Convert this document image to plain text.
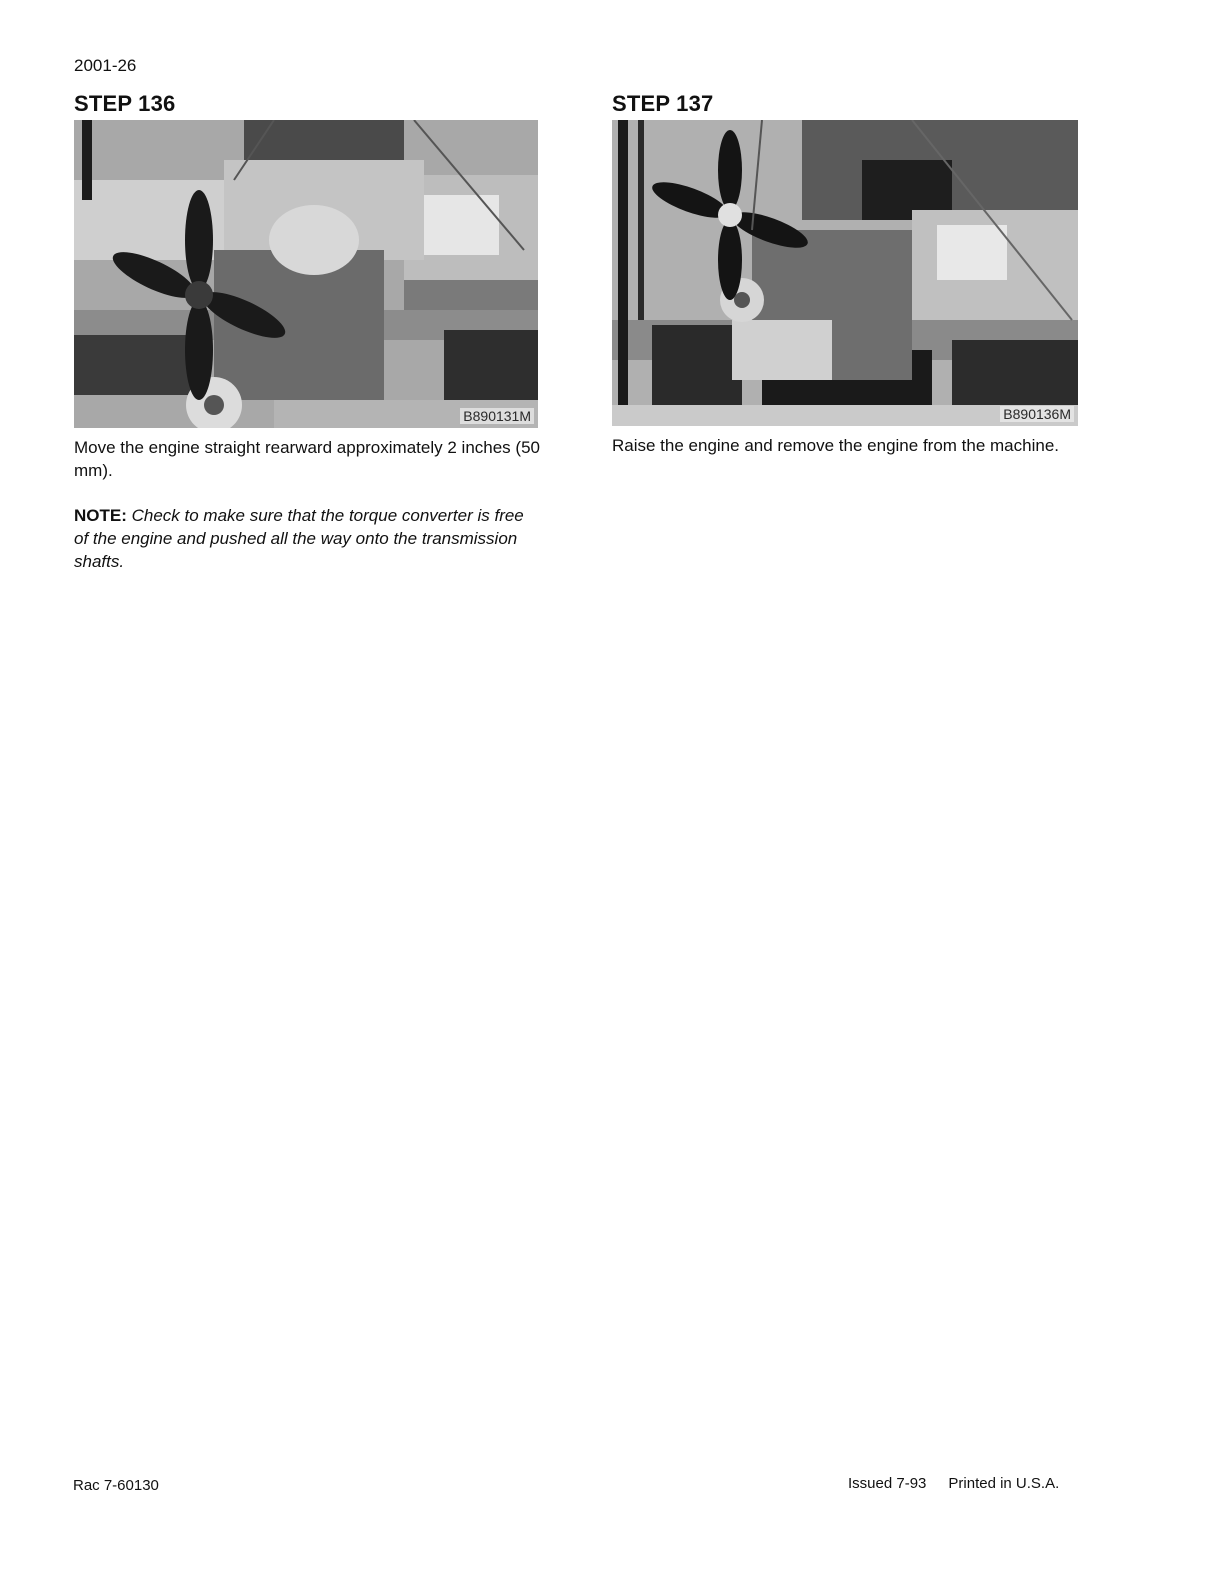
2001-26
STEP 136
B890131M
Move the engine straight rearward approximately 2 inches (50 mm).
NOTE: Check to make sure that the torque converter is free of the engine and pushed all the way onto the transmission shafts.
STEP 137
B890136M
Raise the engine and remove the engine from the machine.
Rac 7-60130	Issued 7-93 Printed in U.S.A.
